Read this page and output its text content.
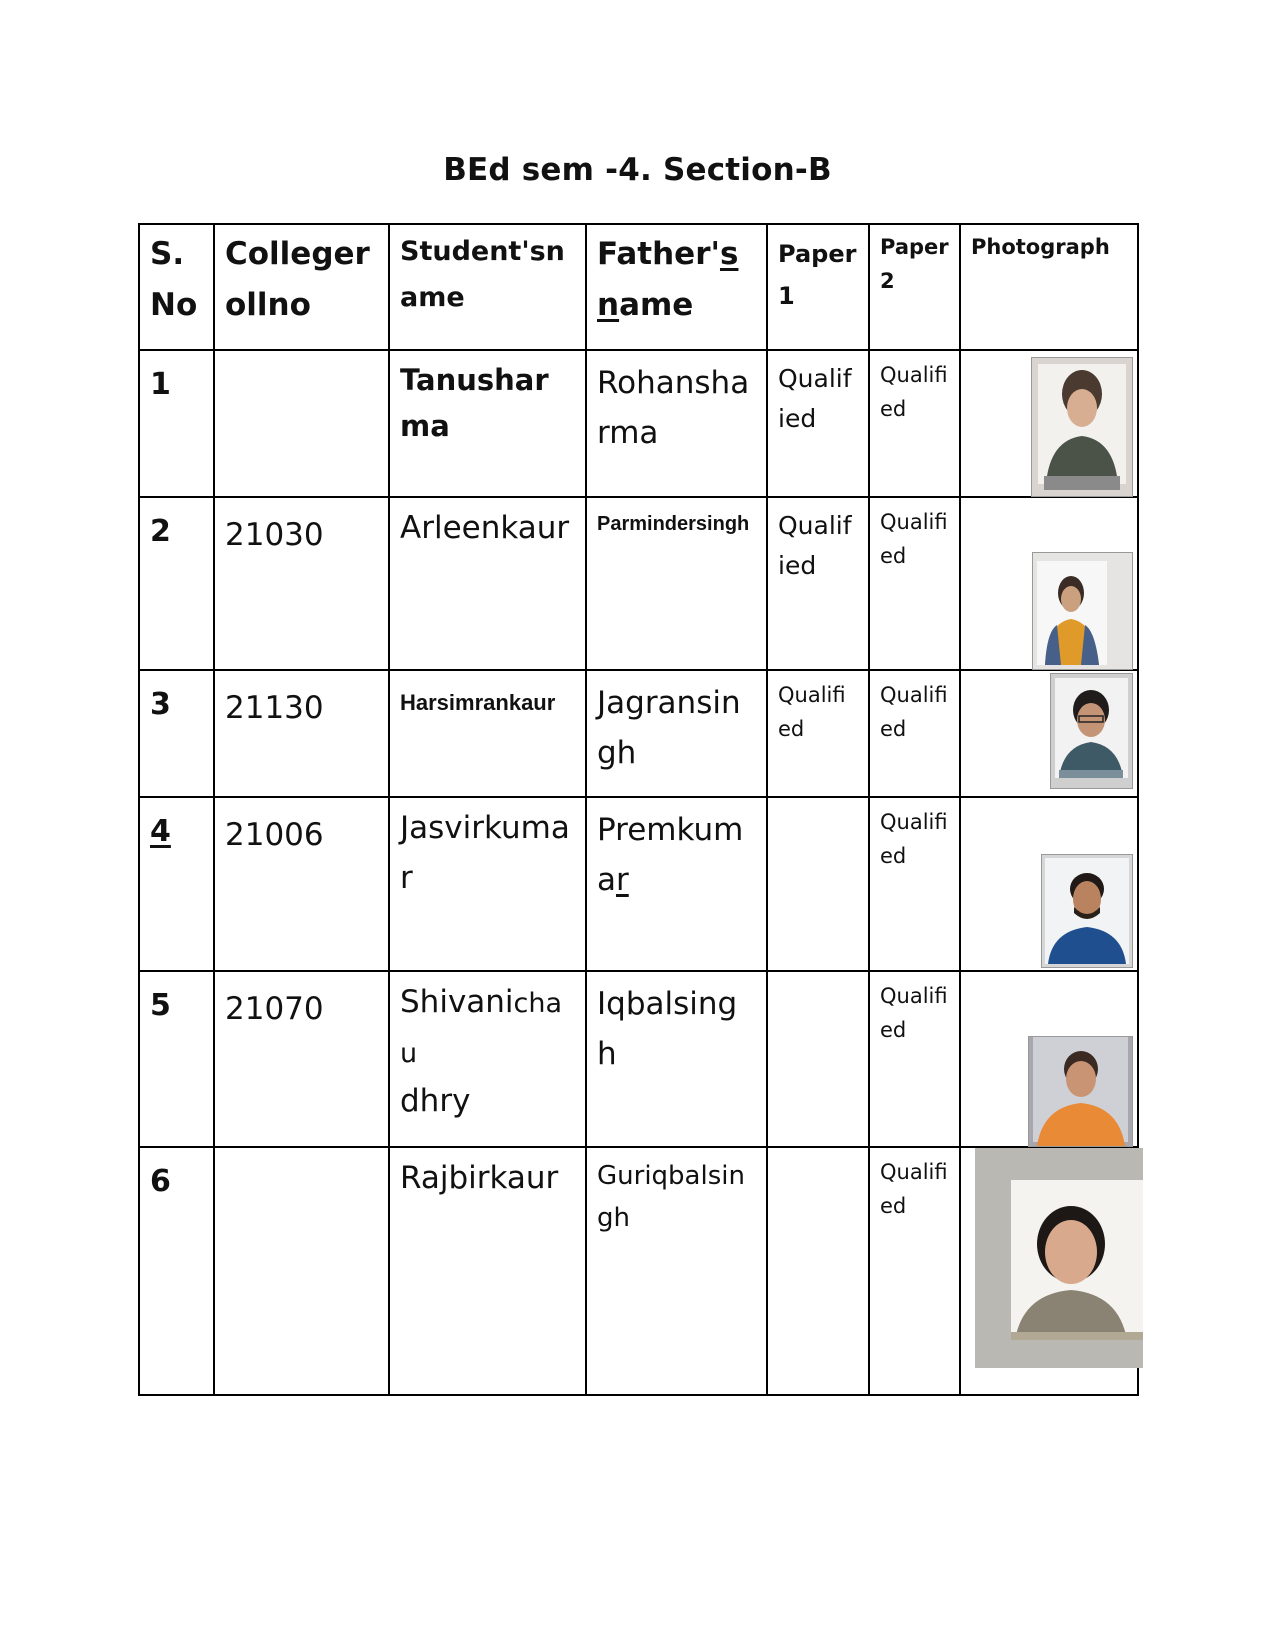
BEd sem -4. Section-B
S.No	Collegerollno	Student'sname	Father'sname	Paper 1	Paper 2	Photograph

1		Tanusharma	Rohansharma	Qualified	Qualified

2	21030	Arleenkaur	Parmindersingh	Qualified	Qualified

3	21130	Harsimrankaur	Jagransingh	Qualified	Qualified

4	21006	Jasvirkumar	Premkumar		Qualified

5	21070	Shivanichau
dhry	Iqbalsingh		Qualified

6		Rajbirkaur	Guriqbalsingh		Qualified
